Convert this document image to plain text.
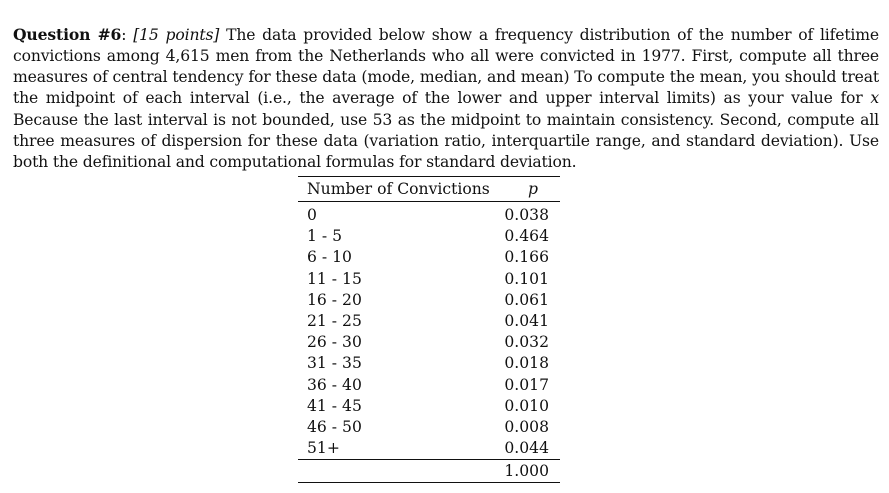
Question #6: [15 points] The data provided below show a frequency distribution of the number of lifetime convictions among 4,615 men from the Netherlands who all were convicted in 1977. First, compute all three measures of central tendency for these data (mode, median, and mean) To compute the mean, you should treat the midpoint of each interval (i.e., the average of the lower and upper interval limits) as your value for x Because the last interval is not bounded, use 53 as the midpoint to maintain consistency. Second, compute all three measures of dispersion for these data (variation ratio, interquartile range, and standard deviation). Use both the definitional and computational formulas for standard deviation.

Number of Convictions	p
0	0.038
1 - 5	0.464
6 - 10	0.166
11 - 15	0.101
16 - 20	0.061
21 - 25	0.041
26 - 30	0.032
31 - 35	0.018
36 - 40	0.017
41 - 45	0.010
46 - 50	0.008
51+	0.044
	1.000
